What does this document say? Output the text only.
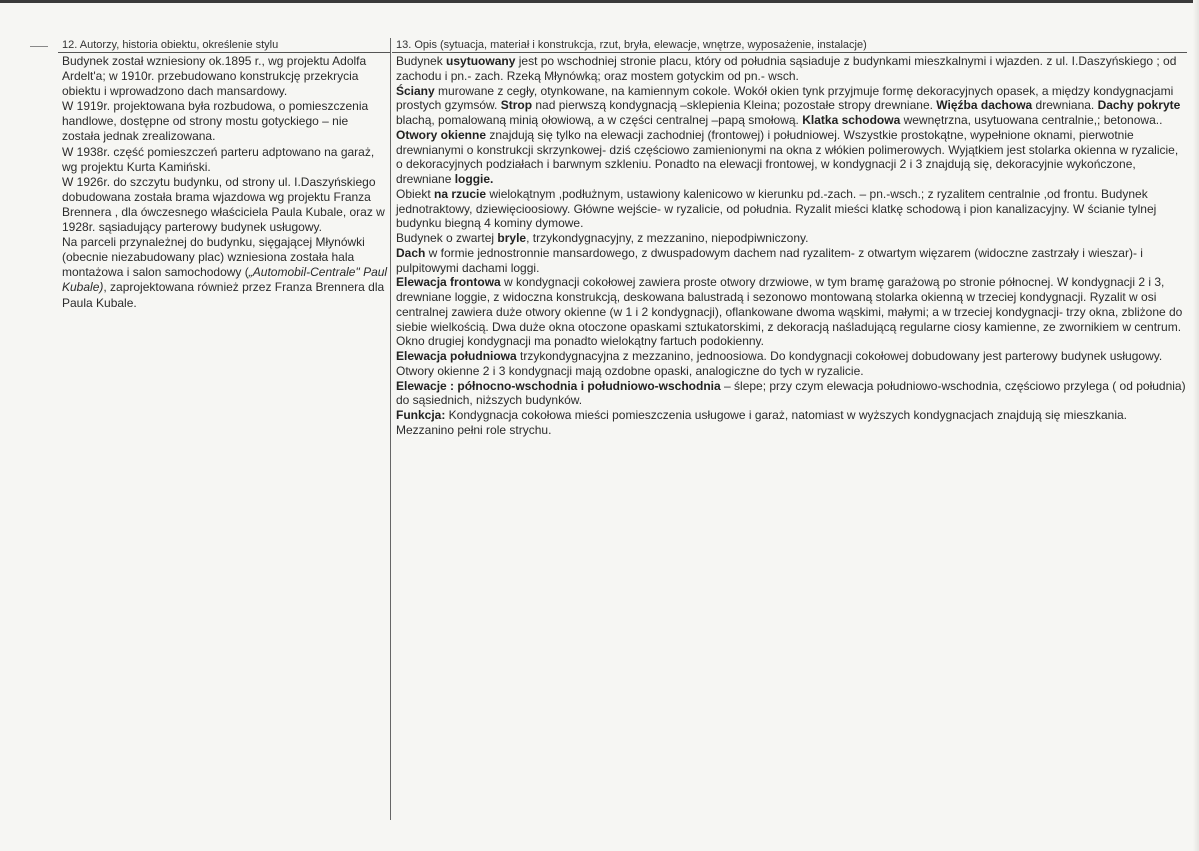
12. Autorzy, historia obiektu, określenie stylu	13. Opis (sytuacja, materiał i konstrukcja, rzut, bryła, elewacje, wnętrze, wyposażenie, instalacje)

Budynek został wzniesiony ok.1895 r., wg projektu Adolfa Ardelt'a; w 1910r. przebudowano konstrukcję przekrycia obiektu i wprowadzono dach mansardowy.

W 1919r. projektowana była rozbudowa, o pomieszczenia handlowe, dostępne od strony mostu gotyckiego – nie została jednak zrealizowana.

W 1938r. część pomieszczeń parteru adptowano na garaż, wg projektu Kurta Kamiński.

W 1926r. do szczytu budynku, od strony ul. I.Daszyńskiego dobudowana została brama wjazdowa wg projektu Franza Brennera , dla ówczesnego właściciela Paula Kubale, oraz w 1928r. sąsiadujący parterowy budynek usługowy.

Na parceli przynależnej do budynku, sięgającej Młynówki (obecnie niezabudowany plac) wzniesiona została hala montażowa i salon samochodowy („Automobil-Centrale" Paul Kubale), zaprojektowana również przez Franza Brennera dla Paula Kubale.

Budynek usytuowany jest po wschodniej stronie placu, który od południa sąsiaduje z budynkami mieszkalnymi i wjazden. z ul. I.Daszyńskiego ; od zachodu i pn.- zach. Rzeką Młynówką; oraz mostem gotyckim od pn.- wsch.

Ściany murowane z cegły, otynkowane, na kamiennym cokole. Wokół okien tynk przyjmuje formę dekoracyjnych opasek, a między kondygnacjami prostych gzymsów. Strop nad pierwszą kondygnacją –sklepienia Kleina; pozostałe stropy drewniane. Więźba dachowa drewniana. Dachy pokryte blachą, pomalowaną minią ołowiową, a w części centralnej –papą smołową. Klatka schodowa wewnętrzna, usytuowana centralnie,; betonowa..

Otwory okienne znajdują się tylko na elewacji zachodniej (frontowej) i południowej. Wszystkie prostokątne, wypełnione oknami, pierwotnie drewnianymi o konstrukcji skrzynkowej- dziś częściowo zamienionymi na okna z włókien polimerowych. Wyjątkiem jest stolarka okienna w ryzalicie, o dekoracyjnych podziałach i barwnym szkleniu. Ponadto na elewacji frontowej, w kondygnacji 2 i 3 znajdują się, dekoracyjnie wykończone, drewniane loggie.

Obiekt na rzucie wielokątnym ,podłużnym, ustawiony kalenicowo w kierunku pd.-zach. – pn.-wsch.; z ryzalitem centralnie ,od frontu. Budynek jednotraktowy, dziewięcioosiowy. Główne wejście- w ryzalicie, od południa. Ryzalit mieści klatkę schodową i pion kanalizacyjny. W ścianie tylnej budynku biegną 4 kominy dymowe.

Budynek o zwartej bryle, trzykondygnacyjny, z mezzanino, niepodpiwniczony.

Dach w formie jednostronnie mansardowego, z dwuspadowym dachem nad ryzalitem- z otwartym więzarem (widoczne zastrzały i wieszar)- i pulpitowymi dachami loggi.

Elewacja frontowa w kondygnacji cokołowej zawiera proste otwory drzwiowe, w tym bramę garażową po stronie północnej. W kondygnacji 2 i 3, drewniane loggie, z widoczna konstrukcją, deskowana balustradą i sezonowo montowaną stolarka okienną w trzeciej kondygnacji. Ryzalit w osi centralnej zawiera duże otwory okienne (w 1 i 2 kondygnacji), oflankowane dwoma wąskimi, małymi; a w trzeciej kondygnacji- trzy okna, zbliżone do siebie wielkością. Dwa duże okna otoczone opaskami sztukatorskimi, z dekoracją naśladującą regularne ciosy kamienne, ze zwornikiem w centrum. Okno drugiej kondygnacji ma ponadto wielokątny fartuch podokienny.

Elewacja południowa trzykondygnacyjna z mezzanino, jednoosiowa. Do kondygnacji cokołowej dobudowany jest parterowy budynek usługowy. Otwory okienne 2 i 3 kondygnacji mają ozdobne opaski, analogiczne do tych w ryzalicie.

Elewacje : północno-wschodnia i południowo-wschodnia – ślepe; przy czym elewacja południowo-wschodnia, częściowo przylega ( od południa) do sąsiednich, niższych budynków.

Funkcja: Kondygnacja cokołowa mieści pomieszczenia usługowe i garaż, natomiast w wyższych kondygnacjach znajdują się mieszkania. Mezzanino pełni role strychu.
